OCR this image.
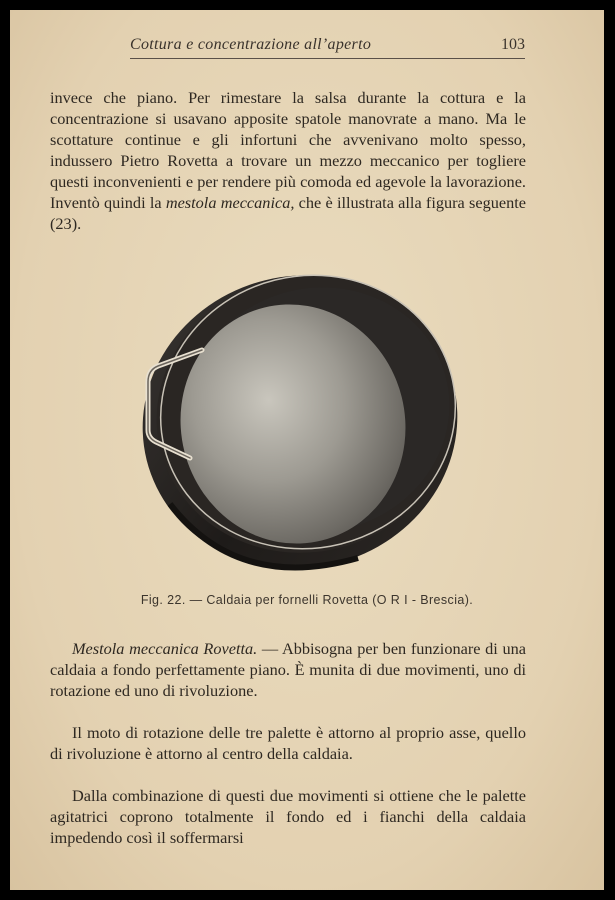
Cottura e concentrazione all’aperto	103

invece che piano. Per rimestare la salsa durante la cottura e la concentrazione si usavano apposite spatole manovrate a mano. Ma le scottature continue e gli infortuni che avvenivano molto spesso, indussero Pietro Rovetta a trovare un mezzo meccanico per togliere questi inconvenienti e per rendere più comoda ed agevole la lavorazione. Inventò quindi la mestola meccanica, che è illustrata alla figura seguente (23).

Fig. 22. — Caldaia per fornelli Rovetta (O R I - Brescia).

Mestola meccanica Rovetta. — Abbisogna per ben funzionare di una caldaia a fondo perfettamente piano. È munita di due movimenti, uno di rotazione ed uno di rivoluzione.

Il moto di rotazione delle tre palette è attorno al proprio asse, quello di rivoluzione è attorno al centro della caldaia.

Dalla combinazione di questi due movimenti si ottiene che le palette agitatrici coprono totalmente il fondo ed i fianchi della caldaia impedendo così il soffermarsi
